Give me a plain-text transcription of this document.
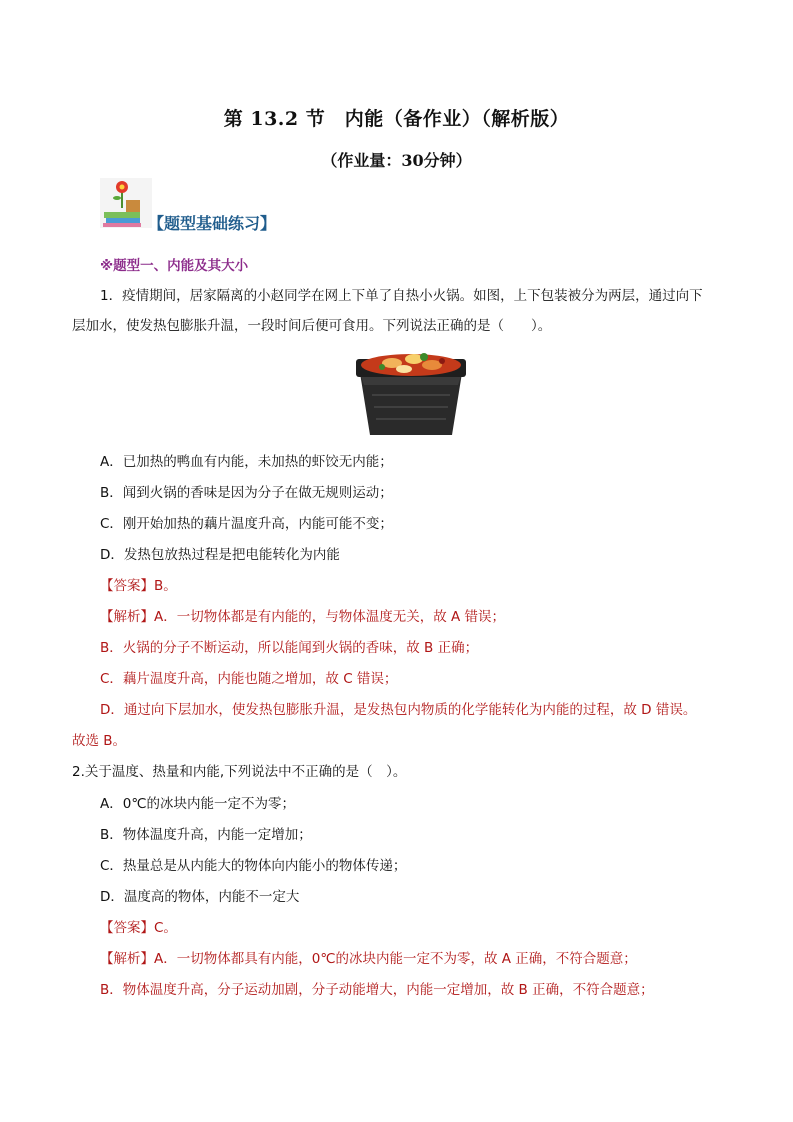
第 13.2 节　内能（备作业）（解析版）
（作业量：30分钟）
【题型基础练习】
※题型一、内能及其大小
1．疫情期间，居家隔离的小赵同学在网上下单了自热小火锅。如图，上下包装被分为两层，通过向下
层加水，使发热包膨胀升温，一段时间后便可食用。下列说法正确的是（　　）。
A．已加热的鸭血有内能，未加热的虾饺无内能；
B．闻到火锅的香味是因为分子在做无规则运动；
C．刚开始加热的藕片温度升高，内能可能不变；
D．发热包放热过程是把电能转化为内能
【答案】B。
【解析】A．一切物体都是有内能的，与物体温度无关，故 A 错误；
B．火锅的分子不断运动，所以能闻到火锅的香味，故 B 正确；
C．藕片温度升高，内能也随之增加，故 C 错误；
D．通过向下层加水，使发热包膨胀升温，是发热包内物质的化学能转化为内能的过程，故 D 错误。
故选 B。
2.关于温度、热量和内能,下列说法中不正确的是（　）。
A．0℃的冰块内能一定不为零；
B．物体温度升高，内能一定增加；
C．热量总是从内能大的物体向内能小的物体传递；
D．温度高的物体，内能不一定大
【答案】C。
【解析】A．一切物体都具有内能，0℃的冰块内能一定不为零，故 A 正确，不符合题意；
B．物体温度升高，分子运动加剧，分子动能增大，内能一定增加，故 B 正确，不符合题意；
